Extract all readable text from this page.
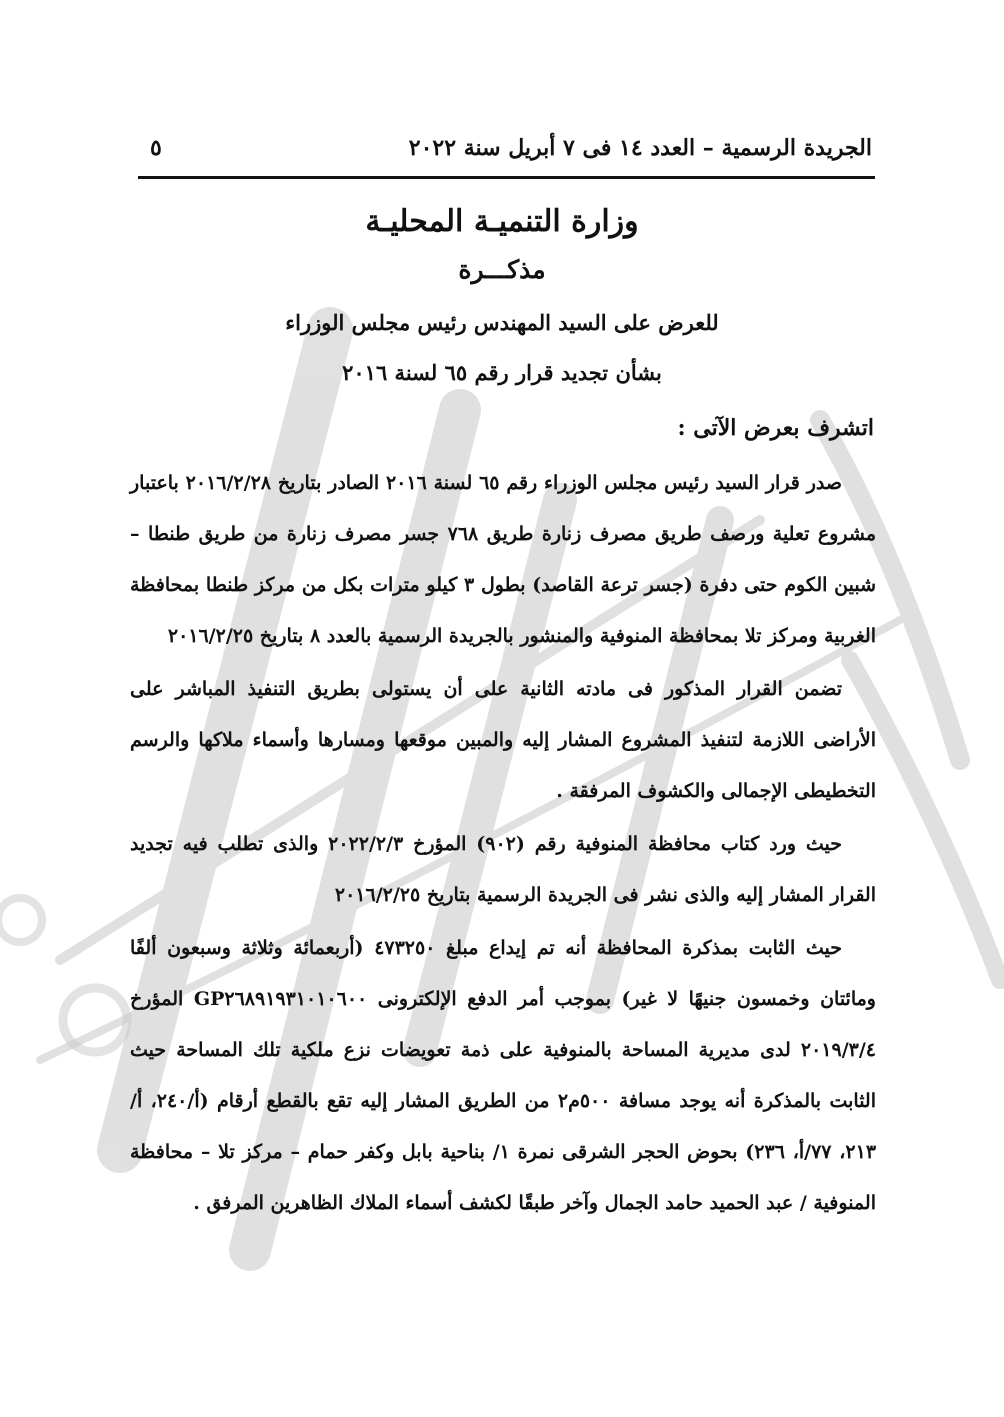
الجريدة الرسمية – العدد ١٤ فى ٧ أبريل سنة ٢٠٢٢
٥
وزارة التنميـة المحليـة
مذكـــرة
للعرض على السيد المهندس رئيس مجلس الوزراء
بشأن تجديد قرار رقم ٦٥ لسنة ٢٠١٦
اتشرف بعرض الآتى :

صدر قرار السيد رئيس مجلس الوزراء رقم ٦٥ لسنة ٢٠١٦ الصادر بتاريخ ٢٠١٦/٢/٢٨ باعتبار مشروع تعلية ورصف طريق مصرف زنارة طريق ٧٦٨ جسر مصرف زنارة من طريق طنطا – شبين الكوم حتى دفرة (جسر ترعة القاصد) بطول ٣ كيلو مترات بكل من مركز طنطا بمحافظة الغربية ومركز تلا بمحافظة المنوفية والمنشور بالجريدة الرسمية بالعدد ٨ بتاريخ ٢٠١٦/٢/٢٥

تضمن القرار المذكور فى مادته الثانية على أن يستولى بطريق التنفيذ المباشر على الأراضى اللازمة لتنفيذ المشروع المشار إليه والمبين موقعها ومسارها وأسماء ملاكها والرسم التخطيطى الإجمالى والكشوف المرفقة .

حيث ورد كتاب محافظة المنوفية رقم (٩٠٢) المؤرخ ٢٠٢٢/٢/٣ والذى تطلب فيه تجديد القرار المشار إليه والذى نشر فى الجريدة الرسمية بتاريخ ٢٠١٦/٢/٢٥

حيث الثابت بمذكرة المحافظة أنه تم إيداع مبلغ ٤٧٣٢٥٠ (أربعمائة وثلاثة وسبعون ألفًا ومائتان وخمسون جنيهًا لا غير) بموجب أمر الدفع الإلكترونى GP٢٦٨٩١٩٣١٠١٠٦٠٠ المؤرخ ٢٠١٩/٣/٤ لدى مديرية المساحة بالمنوفية على ذمة تعويضات نزع ملكية تلك المساحة حيث الثابت بالمذكرة أنه يوجد مسافة ٥٠٠م٢ من الطريق المشار إليه تقع بالقطع أرقام (أ/٢٤٠، أ/٢١٣، ٧٧/أ، ٢٣٦) بحوض الحجر الشرقى نمرة ١/ بناحية بابل وكفر حمام – مركز تلا – محافظة المنوفية / عبد الحميد حامد الجمال وآخر طبقًا لكشف أسماء الملاك الظاهرين المرفق .
